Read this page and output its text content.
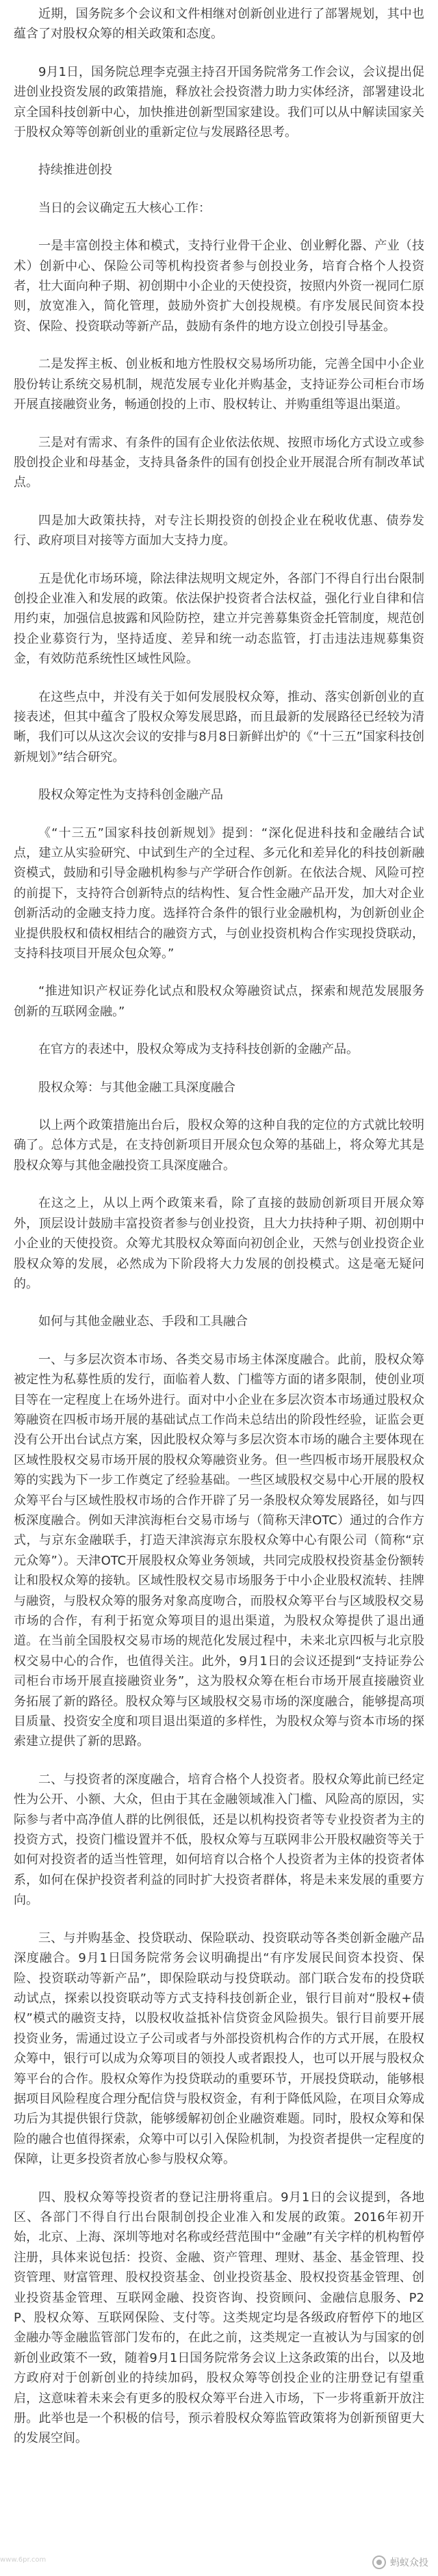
近期，国务院多个会议和文件相继对创新创业进行了部署规划，其中也蕴含了对股权众筹的相关政策和态度。

9月1日，国务院总理李克强主持召开国务院常务工作会议，会议提出促进创业投资发展的政策措施，释放社会投资潜力助力实体经济，部署建设北京全国科技创新中心，加快推进创新型国家建设。我们可以从中解读国家关于股权众筹等创新创业的重新定位与发展路径思考。

持续推进创投

当日的会议确定五大核心工作：

一是丰富创投主体和模式，支持行业骨干企业、创业孵化器、产业（技术）创新中心、保险公司等机构投资者参与创投业务，培育合格个人投资者，壮大面向种子期、初创期中小企业的天使投资，按照内外资一视同仁原则，放宽准入，简化管理，鼓励外资扩大创投规模。有序发展民间资本投资、保险、投资联动等新产品，鼓励有条件的地方设立创投引导基金。

二是发挥主板、创业板和地方性股权交易场所功能，完善全国中小企业股份转让系统交易机制，规范发展专业化并购基金，支持证券公司柜台市场开展直接融资业务，畅通创投的上市、股权转让、并购重组等退出渠道。

三是对有需求、有条件的国有企业依法依规、按照市场化方式设立或参股创投企业和母基金，支持具备条件的国有创投企业开展混合所有制改革试点。

四是加大政策扶持，对专注长期投资的创投企业在税收优惠、债券发行、政府项目对接等方面加大支持力度。

五是优化市场环境，除法律法规明文规定外，各部门不得自行出台限制创投企业准入和发展的政策。依法保护投资者合法权益，强化行业自律和信用约束，加强信息披露和风险防控，建立并完善募集资金托管制度，规范创投企业募资行为，坚持适度、差异和统一动态监管，打击违法违规募集资金，有效防范系统性区域性风险。

在这些点中，并没有关于如何发展股权众筹，推动、落实创新创业的直接表述，但其中蕴含了股权众筹发展思路，而且最新的发展路径已经较为清晰，我们可以从这次会议的安排与8月8日新鲜出炉的《“十三五”国家科技创新规划》”结合研究。

股权众筹定性为支持科创金融产品

《“十三五”国家科技创新规划》提到：“深化促进科技和金融结合试点，建立从实验研究、中试到生产的全过程、多元化和差异化的科技创新融资模式，鼓励和引导金融机构参与产学研合作创新。在依法合规、风险可控的前提下，支持符合创新特点的结构性、复合性金融产品开发，加大对企业创新活动的金融支持力度。选择符合条件的银行业金融机构，为创新创业企业提供股权和债权相结合的融资方式，与创业投资机构合作实现投贷联动，支持科技项目开展众包众筹。”

“推进知识产权证券化试点和股权众筹融资试点，探索和规范发展服务创新的互联网金融。”

在官方的表述中，股权众筹成为支持科技创新的金融产品。

股权众筹：与其他金融工具深度融合

以上两个政策措施出台后，股权众筹的这种自我的定位的方式就比较明确了。总体方式是，在支持创新项目开展众包众筹的基础上，将众筹尤其是股权众筹与其他金融投资工具深度融合。

在这之上，从以上两个政策来看，除了直接的鼓励创新项目开展众筹外，顶层设计鼓励丰富投资者参与创业投资，且大力扶持种子期、初创期中小企业的天使投资。众筹尤其股权众筹面向初创企业，天然与创业投资企业股权众筹的发展，必然成为下阶段将大力发展的创投模式。这是毫无疑问的。

如何与其他金融业态、手段和工具融合

一、与多层次资本市场、各类交易市场主体深度融合。此前，股权众筹被定性为私募性质的发行，面临着人数、门槛等方面的诸多限制，使创业项目等在一定程度上在场外进行。面对中小企业在多层次资本市场通过股权众筹融资在四板市场开展的基础试点工作尚未总结出的阶段性经验，证监会更没有公开出台试点方案，因此股权众筹与多层次资本市场的融合主要体现在区域性股权交易市场开展的股权众筹融资业务。但一些四板市场开展股权众筹的实践为下一步工作奠定了经验基础。一些区域股权交易中心开展的股权众筹平台与区域性股权市场的合作开辟了另一条股权众筹发展路径，如与四板深度融合。例如天津滨海柜台交易市场与（简称天津OTC）通过的合作方式，与京东金融联手，打造天津滨海京东股权众筹中心有限公司（简称“京元众筹”）。天津OTC开展股权众筹业务领域，共同完成股权投资基金份额转让和股权众筹的接轨。区域性股权交易市场服务于中小企业股权流转、挂牌与融资，与股权众筹的服务对象高度吻合，而股权众筹平台与区域股权交易市场的合作，有利于拓宽众筹项目的退出渠道，为股权众筹提供了退出通道。在当前全国股权交易市场的规范化发展过程中，未来北京四板与北京股权交易中心的合作，也值得关注。此外，9月1日的会议还提到“支持证券公司柜台市场开展直接融资业务”，这为股权众筹在柜台市场开展直接融资业务拓展了新的路径。股权众筹与区域股权交易市场的深度融合，能够提高项目质量、投资安全度和项目退出渠道的多样性，为股权众筹与资本市场的探索建立提供了新的思路。

二、与投资者的深度融合，培育合格个人投资者。股权众筹此前已经定性为公开、小额、大众，但由于其在金融领域准入门槛、风险高的原因，实际参与者中高净值人群的比例很低，还是以机构投资者等专业投资者为主的投资方式，投资门槛设置并不低，股权众筹与互联网非公开股权融资等关于如何对投资者的适当性管理，如何培育以合格个人投资者为主体的投资者体系，如何在保护投资者利益的同时扩大投资者群体，将是未来发展的重要方向。

三、与并购基金、投贷联动、保险联动、投资联动等各类创新金融产品深度融合。9月1日国务院常务会议明确提出“有序发展民间资本投资、保险、投资联动等新产品”，即保险联动与投贷联动。部门联合发布的投贷联动试点，探索以投资联动等方式支持科技创新企业，银行目前对“股权+债权”模式的融资支持，以股权收益抵补信贷资金风险损失。银行目前要开展投资业务，需通过设立子公司或者与外部投资机构合作的方式开展，在股权众筹中，银行可以成为众筹项目的领投人或者跟投人，也可以开展与股权众筹平台的合作。股权众筹作为投贷联动的重要环节，开展投贷联动，能够根据项目风险程度合理分配信贷与股权资金，有利于降低风险，在项目众筹成功后为其提供银行贷款，能够缓解初创企业融资难题。同时，股权众筹和保险的融合也值得探索，众筹中可以引入保险机制，为投资者提供一定程度的保障，让更多投资者放心参与股权众筹。

四、股权众筹等投资者的登记注册将重启。9月1日的会议提到，各地区、各部门不得自行出台限制创投企业准入和发展的政策。2016年初开始，北京、上海、深圳等地对名称或经营范围中“金融”有关字样的机构暂停注册，具体来说包括：投资、金融、资产管理、理财、基金、基金管理、投资管理、财富管理、股权投资基金、创业投资基金、股权投资基金管理、创业投资基金管理、互联网金融、投资咨询、投资顾问、金融信息服务、P2P、股权众筹、互联网保险、支付等。这类规定均是各级政府暂停下的地区金融办等金融监管部门发布的，在此之前，这类规定一直被认为与国家的创新创业政策不一致，随着9月1日国务院常务会议上这条政策的出台，以及地方政府对于创新创业的持续加码，股权众筹等创投企业的注册登记有望重启，这意味着未来会有更多的股权众筹平台进入市场，下一步将重新开放注册。此举也是一个积极的信号，预示着股权众筹监管政策将为创新预留更大的发展空间。

www.6pr.com	蚂蚁众投
